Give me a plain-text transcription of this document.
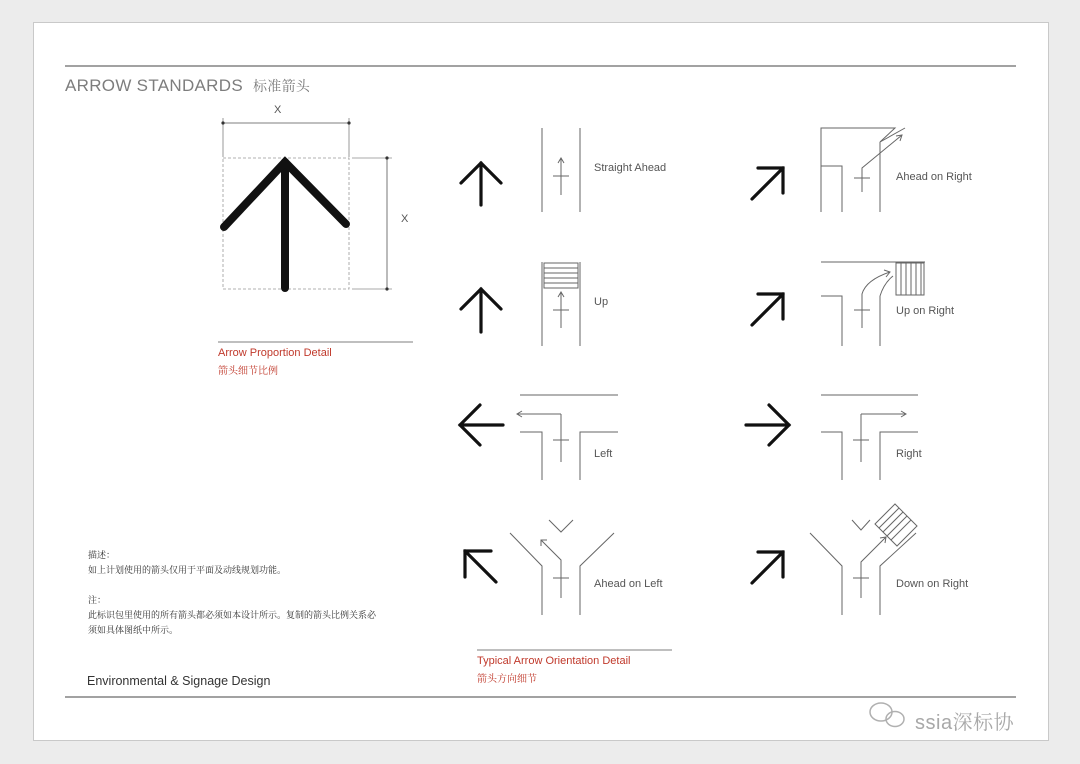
ARROW STANDARDS 标准箭头
X
X
Arrow Proportion Detail
箭头细节比例
Straight Ahead
Up
Left
Ahead on Left
Ahead on Right
Up on Right
Right
Down on Right
Typical Arrow Orientation Detail
箭头方向细节
描述：
如上计划使用的箭头仅用于平面及动线规划功能。
注：
此标识包里使用的所有箭头都必须如本设计所示。复制的箭头比例关系必
须如具体图纸中所示。
Environmental & Signage Design
ssia深标协
